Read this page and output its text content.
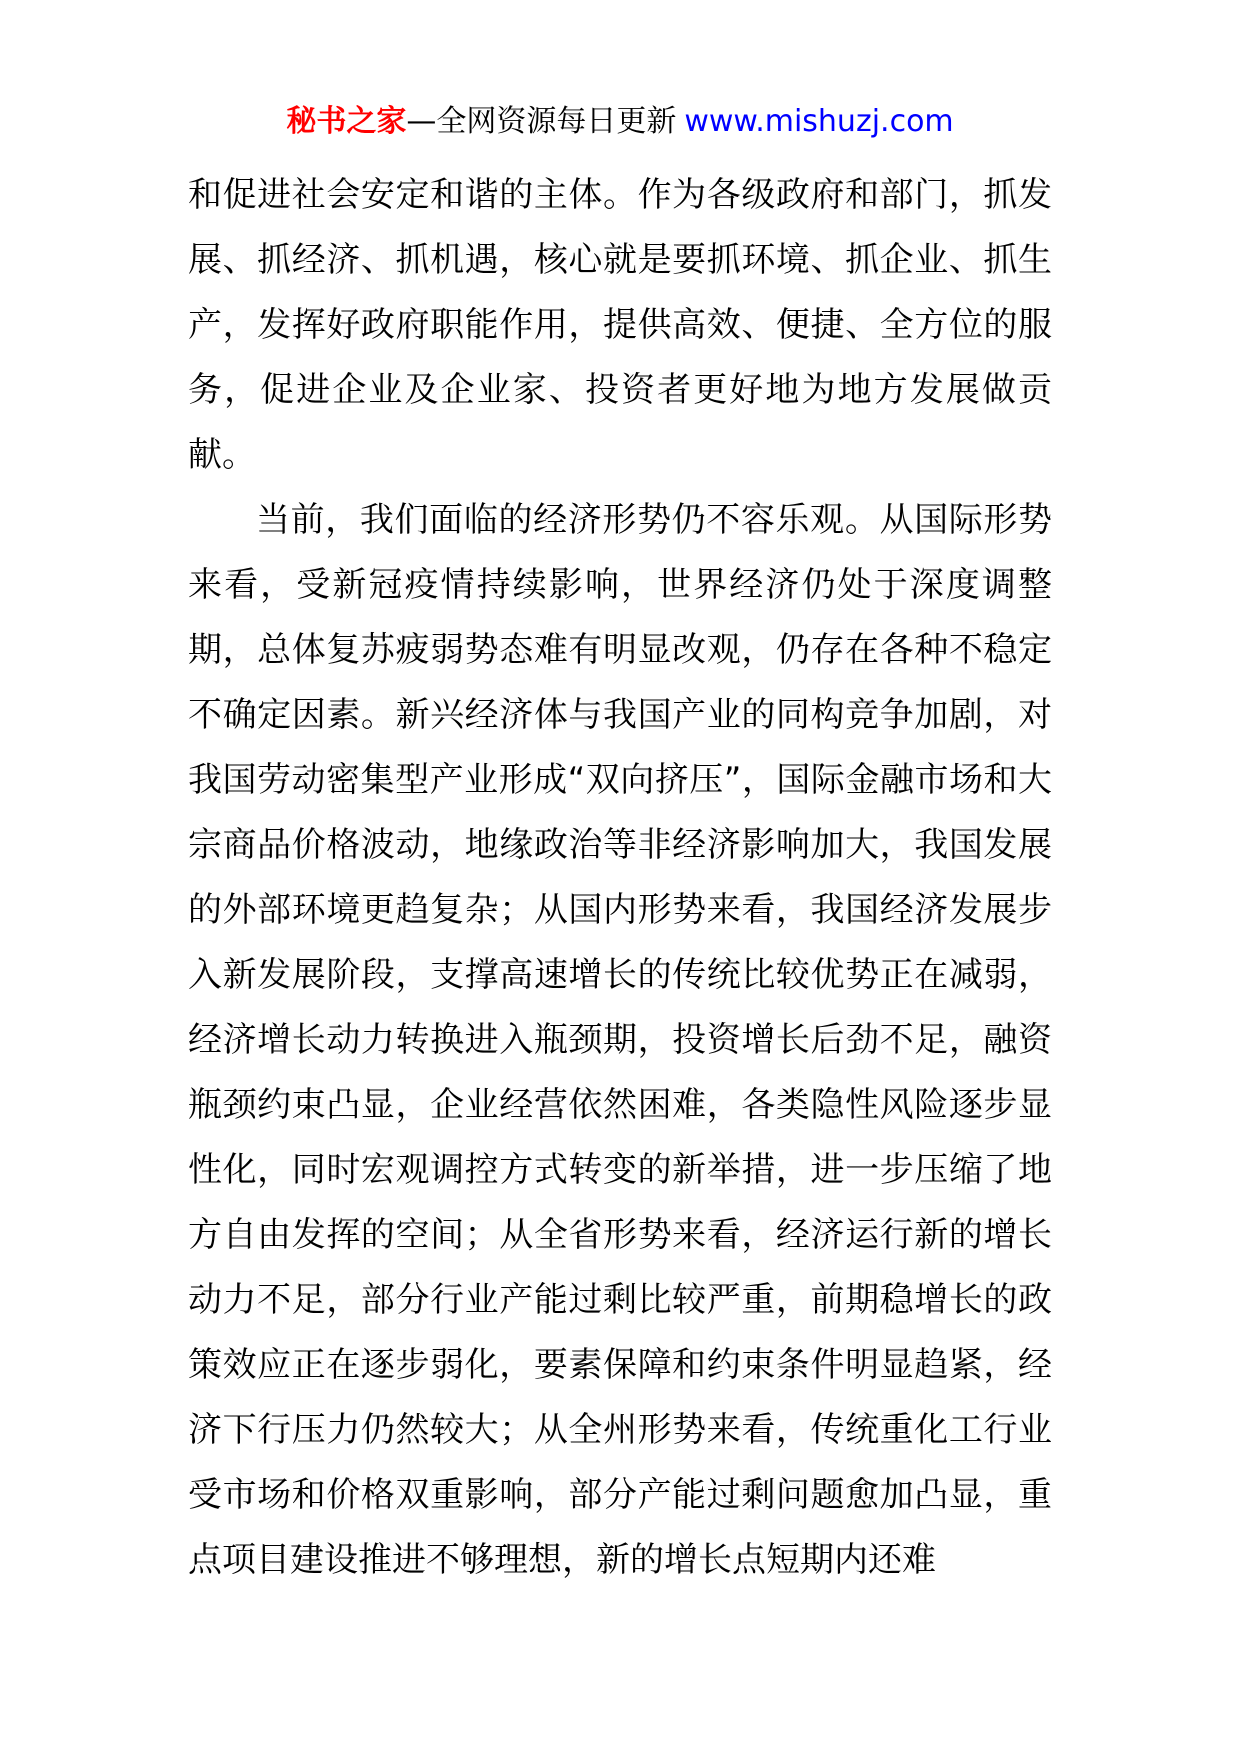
秘书之家—全网资源每日更新 www.mishuzj.com

和促进社会安定和谐的主体。作为各级政府和部门，抓发展、抓经济、抓机遇，核心就是要抓环境、抓企业、抓生产，发挥好政府职能作用，提供高效、便捷、全方位的服务，促进企业及企业家、投资者更好地为地方发展做贡献。

当前，我们面临的经济形势仍不容乐观。从国际形势来看，受新冠疫情持续影响，世界经济仍处于深度调整期，总体复苏疲弱势态难有明显改观，仍存在各种不稳定不确定因素。新兴经济体与我国产业的同构竞争加剧，对我国劳动密集型产业形成“双向挤压”，国际金融市场和大宗商品价格波动，地缘政治等非经济影响加大，我国发展的外部环境更趋复杂；从国内形势来看，我国经济发展步入新发展阶段，支撑高速增长的传统比较优势正在减弱，经济增长动力转换进入瓶颈期，投资增长后劲不足，融资瓶颈约束凸显，企业经营依然困难，各类隐性风险逐步显性化，同时宏观调控方式转变的新举措，进一步压缩了地方自由发挥的空间；从全省形势来看，经济运行新的增长动力不足，部分行业产能过剩比较严重，前期稳增长的政策效应正在逐步弱化，要素保障和约束条件明显趋紧，经济下行压力仍然较大；从全州形势来看，传统重化工行业受市场和价格双重影响，部分产能过剩问题愈加凸显，重点项目建设推进不够理想，新的增长点短期内还难
